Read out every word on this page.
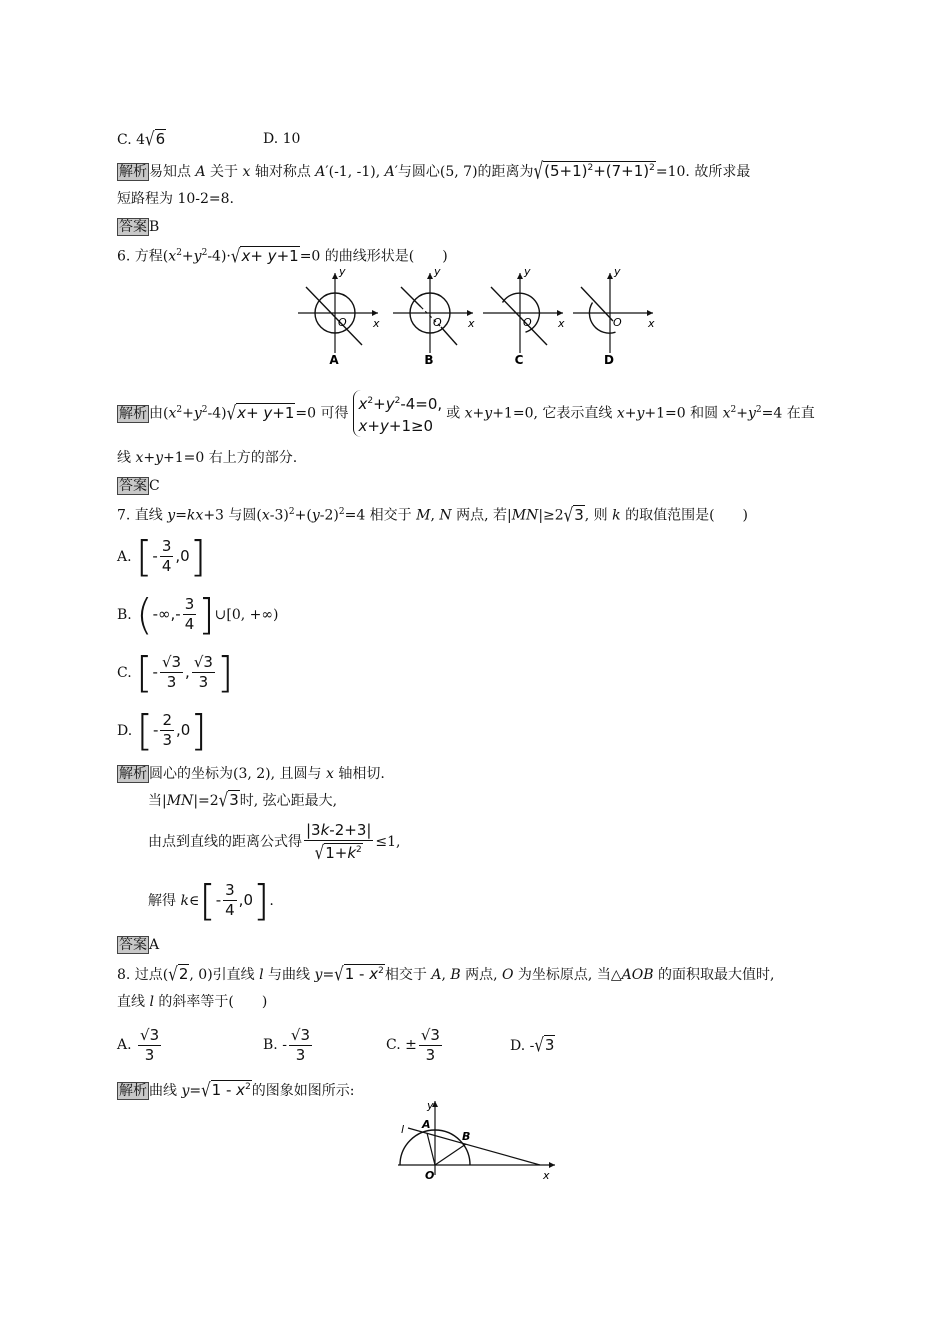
C. 4√6	D. 10
解析 易知点 A 关于 x 轴对称点 A′(-1, -1), A′与圆心(5, 7)的距离为$√(5+1)^2+(7+1)^2=10$. 故所求最
短路程为 10-2=8.
答案 B
6. 方程$(x^2+y^2-4)\cdot√x+ y+1=0$ 的曲线形状是(　　)
O x
y
A
O x
y
B
O x
y
C
O x
y
D
解析 由$(x^2+y^2-4)√x+ y+1=0$ 可得
$x^2+y^2-4=0$,
x+y+1≥0
或 x+y+1=0, 它表示直线 x+y+1=0 和圆 $x^2+y^2=4$ 在直
线 x+y+1=0 右上方的部分.
答案 C
7. 直线 y=kx+3 与圆$(x-3)^2+(y-2)^2=4$ 相交于 M, N 两点, 若|MN|≥2√3, 则 k 的取值范围是(　　)
A. [- $\frac{3}{4} ,0$]
B. (-∞,- $\frac{3}{4}$ ]∪[0, +∞)
C. [- $\frac{√3}{3}$ , $\frac{√3}{3}$ ]
D. [- $\frac{2}{3} ,0$]
解析 圆心的坐标为(3, 2), 且圆与 x 轴相切.
当|MN|=2√3时, 弦心距最大,
由点到直线的距离公式得 $\frac{|3k-2+3|}{√1+k^2} \le 1$,
解得 k∈[- $\frac{3}{4} ,0$].
答案 A
8. 过点(√2, 0)引直线 l 与曲线 $y=√1 - x^2$相交于 A, B 两点, O 为坐标原点, 当△AOB 的面积取最大值时,
直线 l 的斜率等于(　　)
A. $\frac{√3}{3}$	B. - $\frac{√3}{3}$	C. ± $\frac{√3}{3}$	D. -√3
解析 曲线 $y=√1 - x^2$的图象如图所示:
l A
B
O	x
y
